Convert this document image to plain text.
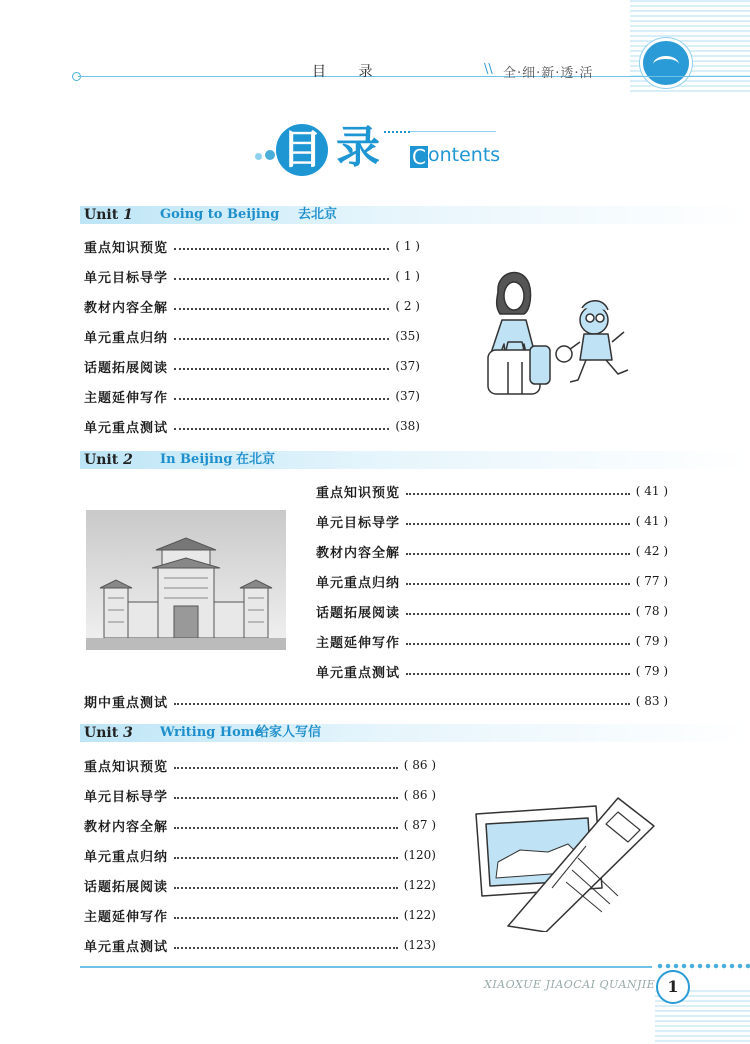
目 录	\\ 全·细·新·透·活
目 录 C ontents
Unit 1 Going to Beijing 去北京
重点知识预览	( 1 )
单元目标导学	( 1 )
教材内容全解	( 2 )
单元重点归纳	(35)
话题拓展阅读	(37)
主题延伸写作	(37)
单元重点测试	(38)
Unit 2 In Beijing 在北京
重点知识预览	( 41 )
单元目标导学	( 41 )
教材内容全解	( 42 )
单元重点归纳	( 77 )
话题拓展阅读	( 78 )
主题延伸写作	( 79 )
单元重点测试	( 79 )
期中重点测试	( 83 )
Unit 3 Writing Home
给家人写信
重点知识预览	( 86 )
单元目标导学	( 86 )
教材内容全解	( 87 )
单元重点归纳	(120)
话题拓展阅读	(122)
主题延伸写作	(122)
单元重点测试	(123)
XIAOXUE JIAOCAI QUANJIE 1
